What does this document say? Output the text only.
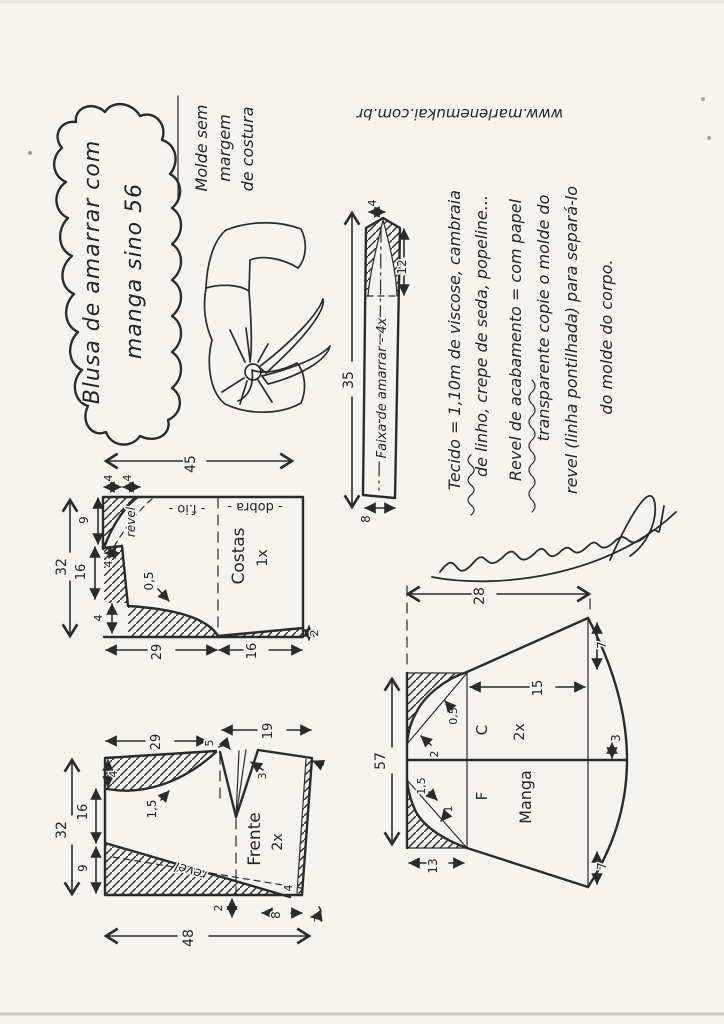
Blusa de amarrar com manga sino 56
Molde sem margem de costura	www.marlenemukai.com.br
Faixa de amarrar - 4x
35
8
4
12 Tecido = 1,10m de viscose, cambraia de linho, crepe de seda, popeline... Revel de acabamento = com papel transparente copie o molde do revel (linha pontilhada) para separá-lo do molde do corpo.
revel - f.io - - dobra -
Costas 1x
45
32
4 4
9
16 4
4
0,5
29	16
2
revel
Frente 2x
32
29
19
5
3
3
4
16
9
1,5
2
8
48
4
2
C 2x
F Manga
28
57
15
7
7
3
13
0,5
2
1,5
1
